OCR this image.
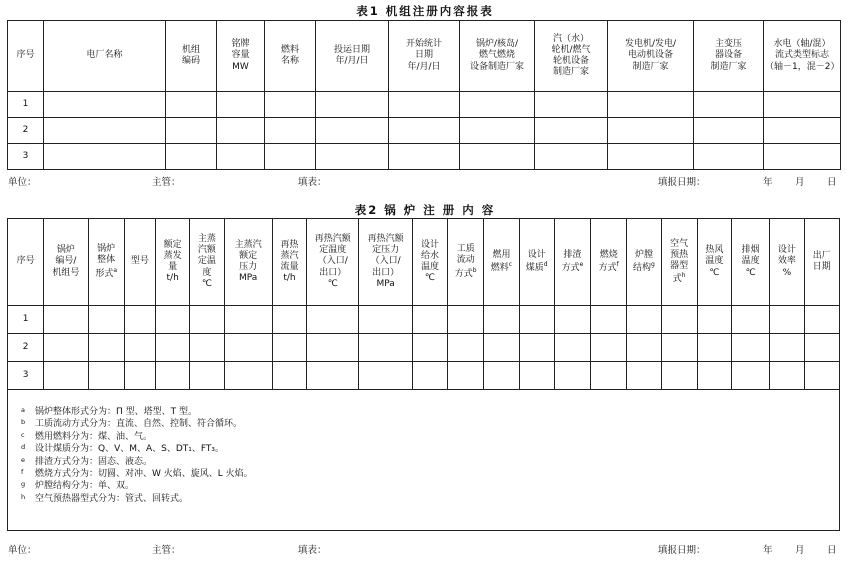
表1 机组注册内容报表
序号	电厂名称	机组
编码	铭牌
容量
MW	燃料
名称	投运日期
年/月/日	开始统计
日期
年/月/日	锅炉/核岛/
燃气燃烧
设备制造厂家	汽（水）
轮机/燃气
轮机设备
制造厂家	发电机/发电/
电动机设备
制造厂家	主变压
器设备
制造厂家	水电（轴/混）
流式类型标志
（轴－1，混－2）
1											
2											
3											
单位：	主管：	填表：	填报日期：	年 月 日
表2 锅 炉 注 册 内 容
序号	锅炉
编号/
机组号	锅炉
整体
形式$^a$	型号	额定
蒸发
量
t/h	主蒸
汽额
定温
度
℃	主蒸汽
额定
压力
MPa	再热
蒸汽
流量
t/h	再热汽额
定温度
（入口/
出口）
℃	再热汽额
定压力
（入口/
出口）
MPa	设计
给水
温度
℃	工质
流动
方式$^b$	燃用
燃料$^c$	设计
煤质$^d$	排渣
方式$^e$	燃烧
方式$^f$	炉膛
结构$^g$	空气
预热
器型
式$^h$	热风
温度
℃	排烟
温度
℃	设计
效率
%	出厂
日期
1																					
2																					
3																					
a 锅炉整体形式分为：Π 型、塔型、T 型。
b 工质流动方式分为：直流、自然、控制、符合循环。
c 燃用燃料分为：煤、油、气。
d 设计煤质分为：Q、V、M、A、S、DT₁、FT₃。
e 排渣方式分为：固态、液态。
f 燃烧方式分为：切圆、对冲、W 火焰、旋风、L 火焰。
g 炉膛结构分为：单、双。
h 空气预热器型式分为：管式、回转式。
单位：	主管：	填表：	填报日期：	年 月 日
